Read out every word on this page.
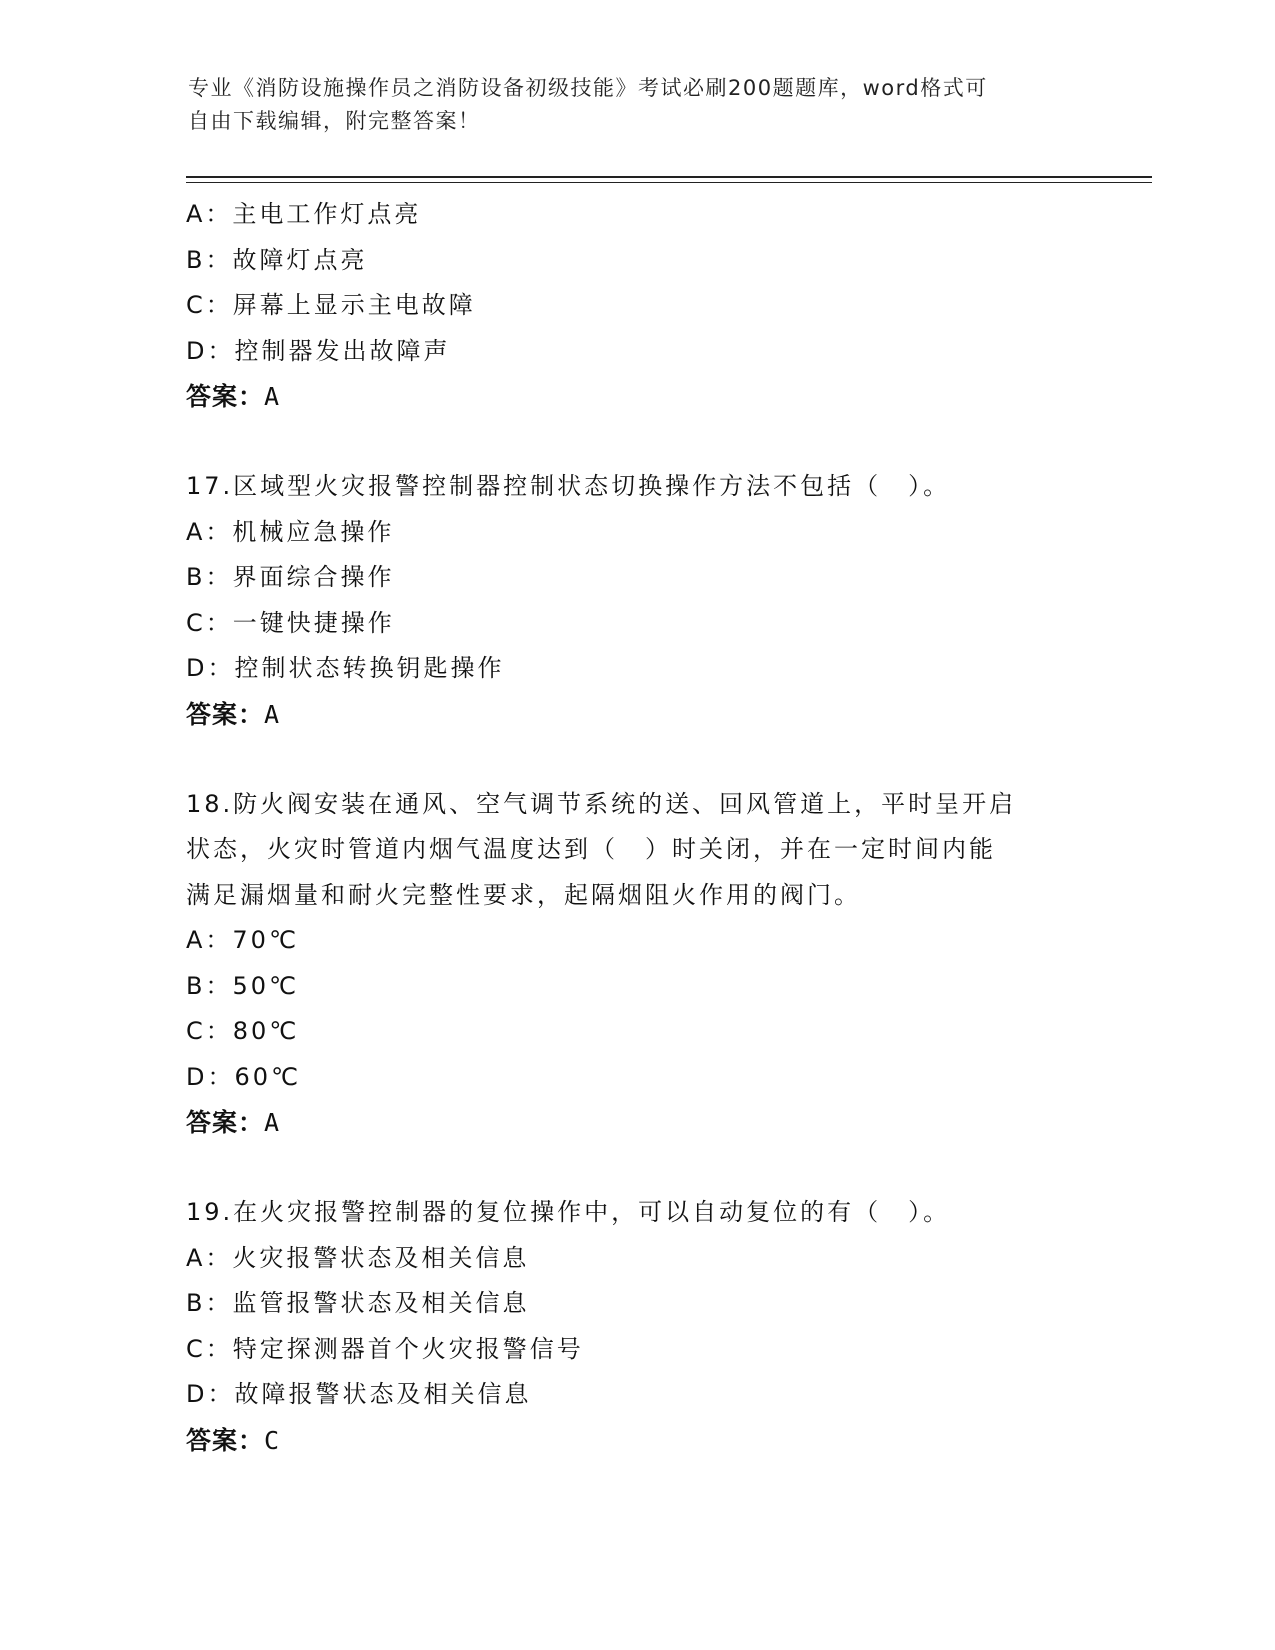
专业《消防设施操作员之消防设备初级技能》考试必刷200题题库，word格式可
自由下载编辑，附完整答案！
A：主电工作灯点亮
B：故障灯点亮
C：屏幕上显示主电故障
D：控制器发出故障声
答案：A
17.区域型火灾报警控制器控制状态切换操作方法不包括（　）。
A：机械应急操作
B：界面综合操作
C：一键快捷操作
D：控制状态转换钥匙操作
答案：A
18.防火阀安装在通风、空气调节系统的送、回风管道上，平时呈开启
状态，火灾时管道内烟气温度达到（　）时关闭，并在一定时间内能
满足漏烟量和耐火完整性要求，起隔烟阻火作用的阀门。
A：70℃
B：50℃
C：80℃
D：60℃
答案：A
19.在火灾报警控制器的复位操作中，可以自动复位的有（　）。
A：火灾报警状态及相关信息
B：监管报警状态及相关信息
C：特定探测器首个火灾报警信号
D：故障报警状态及相关信息
答案：C
